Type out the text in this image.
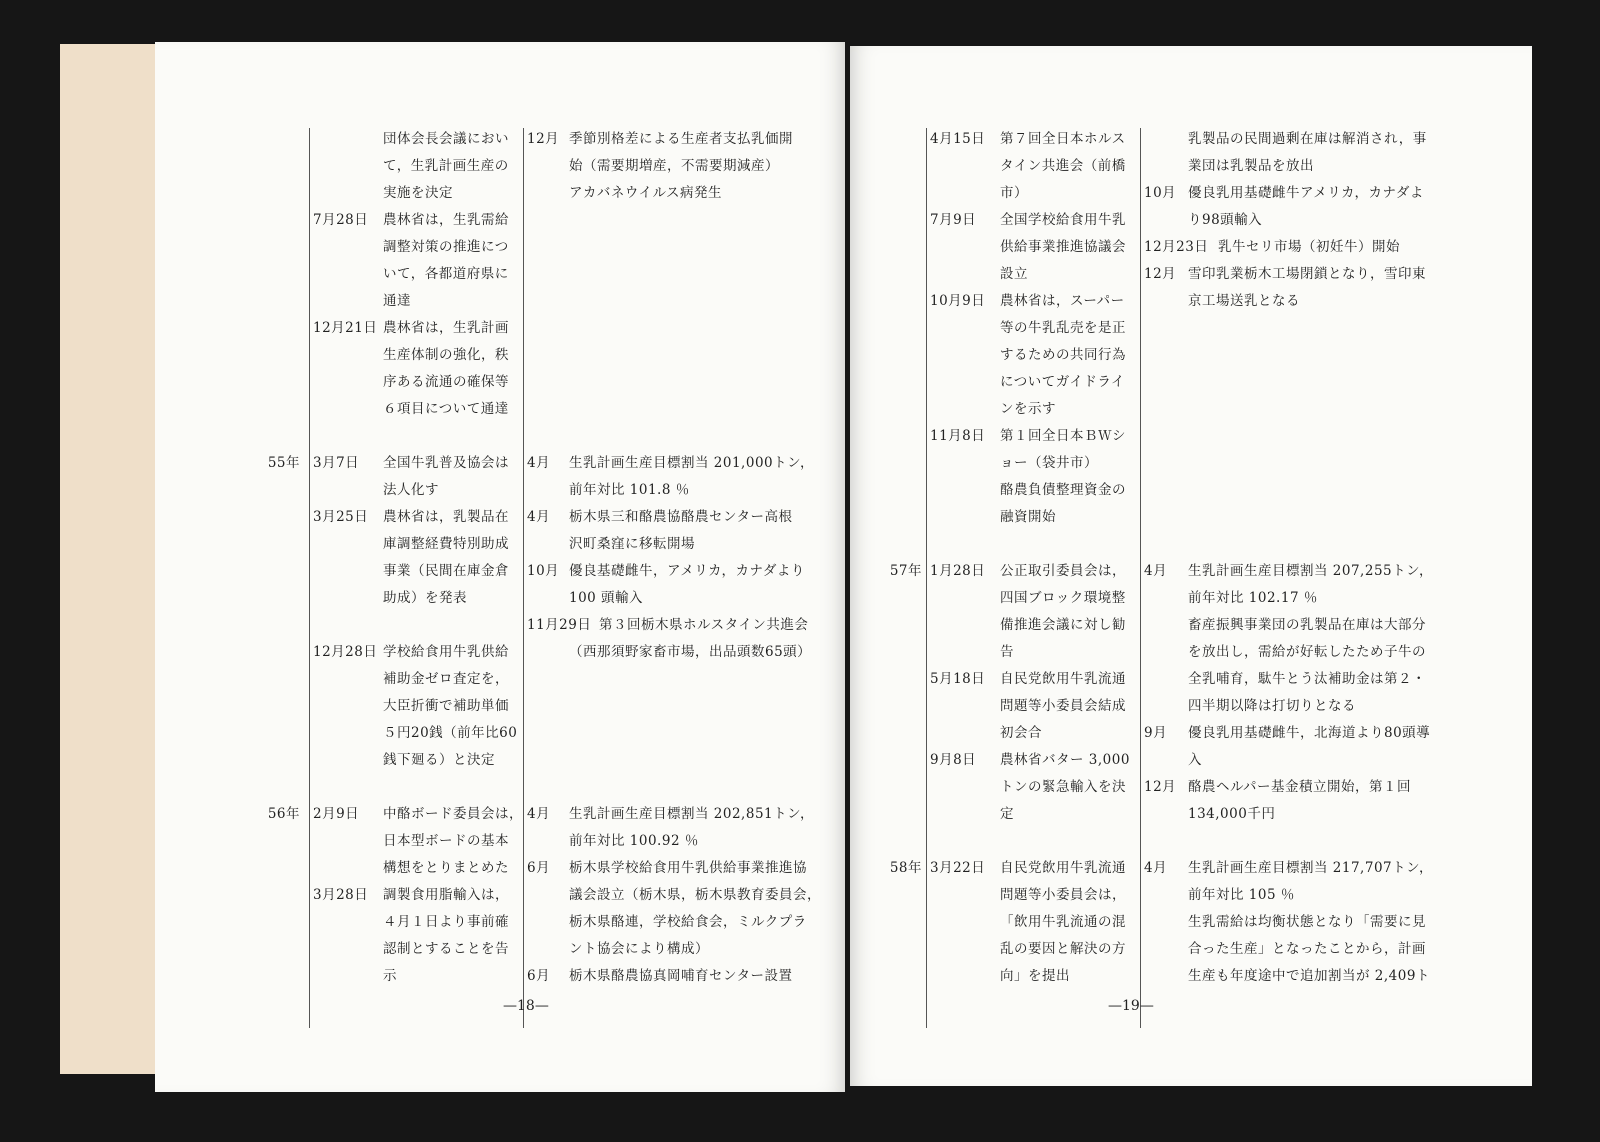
団体会長会議におい
て，生乳計画生産の
実施を決定
7月28日 農林省は，生乳需給
調整対策の推進につ
いて，各都道府県に
通達
12月21日 農林省は，生乳計画
生産体制の強化，秩
序ある流通の確保等
６項目について通達
55年 3月7日 全国牛乳普及協会は
法人化す
3月25日 農林省は，乳製品在
庫調整経費特別助成
事業（民間在庫金倉
助成）を発表
12月28日 学校給食用牛乳供給
補助金ゼロ査定を，
大臣折衝で補助単価
５円20銭（前年比60
銭下廻る）と決定
56年 2月9日 中酪ボード委員会は，
日本型ボードの基本
構想をとりまとめた
3月28日 調製食用脂輸入は，
４月１日より事前確
認制とすることを告
示
12月 季節別格差による生産者支払乳価開
始（需要期増産，不需要期減産）
アカバネウイルス病発生
4月 生乳計画生産目標割当 201,000トン，
前年対比 101.8 ％
4月 栃木県三和酪農協酪農センター高根
沢町桑窪に移転開場
10月 優良基礎雌牛，アメリカ，カナダより
100 頭輸入
11月29日 第３回栃木県ホルスタイン共進会
（西那須野家畜市場，出品頭数65頭）
4月 生乳計画生産目標割当 202,851トン，
前年対比 100.92 ％
6月 栃木県学校給食用牛乳供給事業推進協
議会設立（栃木県，栃木県教育委員会，
栃木県酪連，学校給食会，ミルクプラ
ント協会により構成）
6月 栃木県酪農協真岡哺育センター設置
—18—
4月15日 第７回全日本ホルス
タイン共進会（前橋
市）
7月9日 全国学校給食用牛乳
供給事業推進協議会
設立
10月9日 農林省は，スーパー
等の牛乳乱売を是正
するための共同行為
についてガイドライ
ンを示す
11月8日 第１回全日本ＢＷシ
ョー（袋井市）
酪農負債整理資金の
融資開始
57年 1月28日 公正取引委員会は，
四国ブロック環境整
備推進会議に対し勧
告
5月18日 自民党飲用牛乳流通
問題等小委員会結成
初会合
9月8日 農林省バター 3,000
トンの緊急輸入を決
定
58年 3月22日 自民党飲用牛乳流通
問題等小委員会は，
「飲用牛乳流通の混
乱の要因と解決の方
向」を提出
乳製品の民間過剰在庫は解消され，事
業団は乳製品を放出
10月 優良乳用基礎雌牛アメリカ，カナダよ
り98頭輸入
12月23日 乳牛セリ市場（初妊牛）開始
12月 雪印乳業栃木工場閉鎖となり，雪印東
京工場送乳となる
4月 生乳計画生産目標割当 207,255トン，
前年対比 102.17 ％
畜産振興事業団の乳製品在庫は大部分
を放出し，需給が好転したため子牛の
全乳哺育，駄牛とう汰補助金は第２・
四半期以降は打切りとなる
9月 優良乳用基礎雌牛，北海道より80頭導
入
12月 酪農ヘルパー基金積立開始，第１回
134,000千円
4月 生乳計画生産目標割当 217,707トン，
前年対比 105 ％
生乳需給は均衡状態となり「需要に見
合った生産」となったことから，計画
生産も年度途中で追加割当が 2,409ト
—19—
